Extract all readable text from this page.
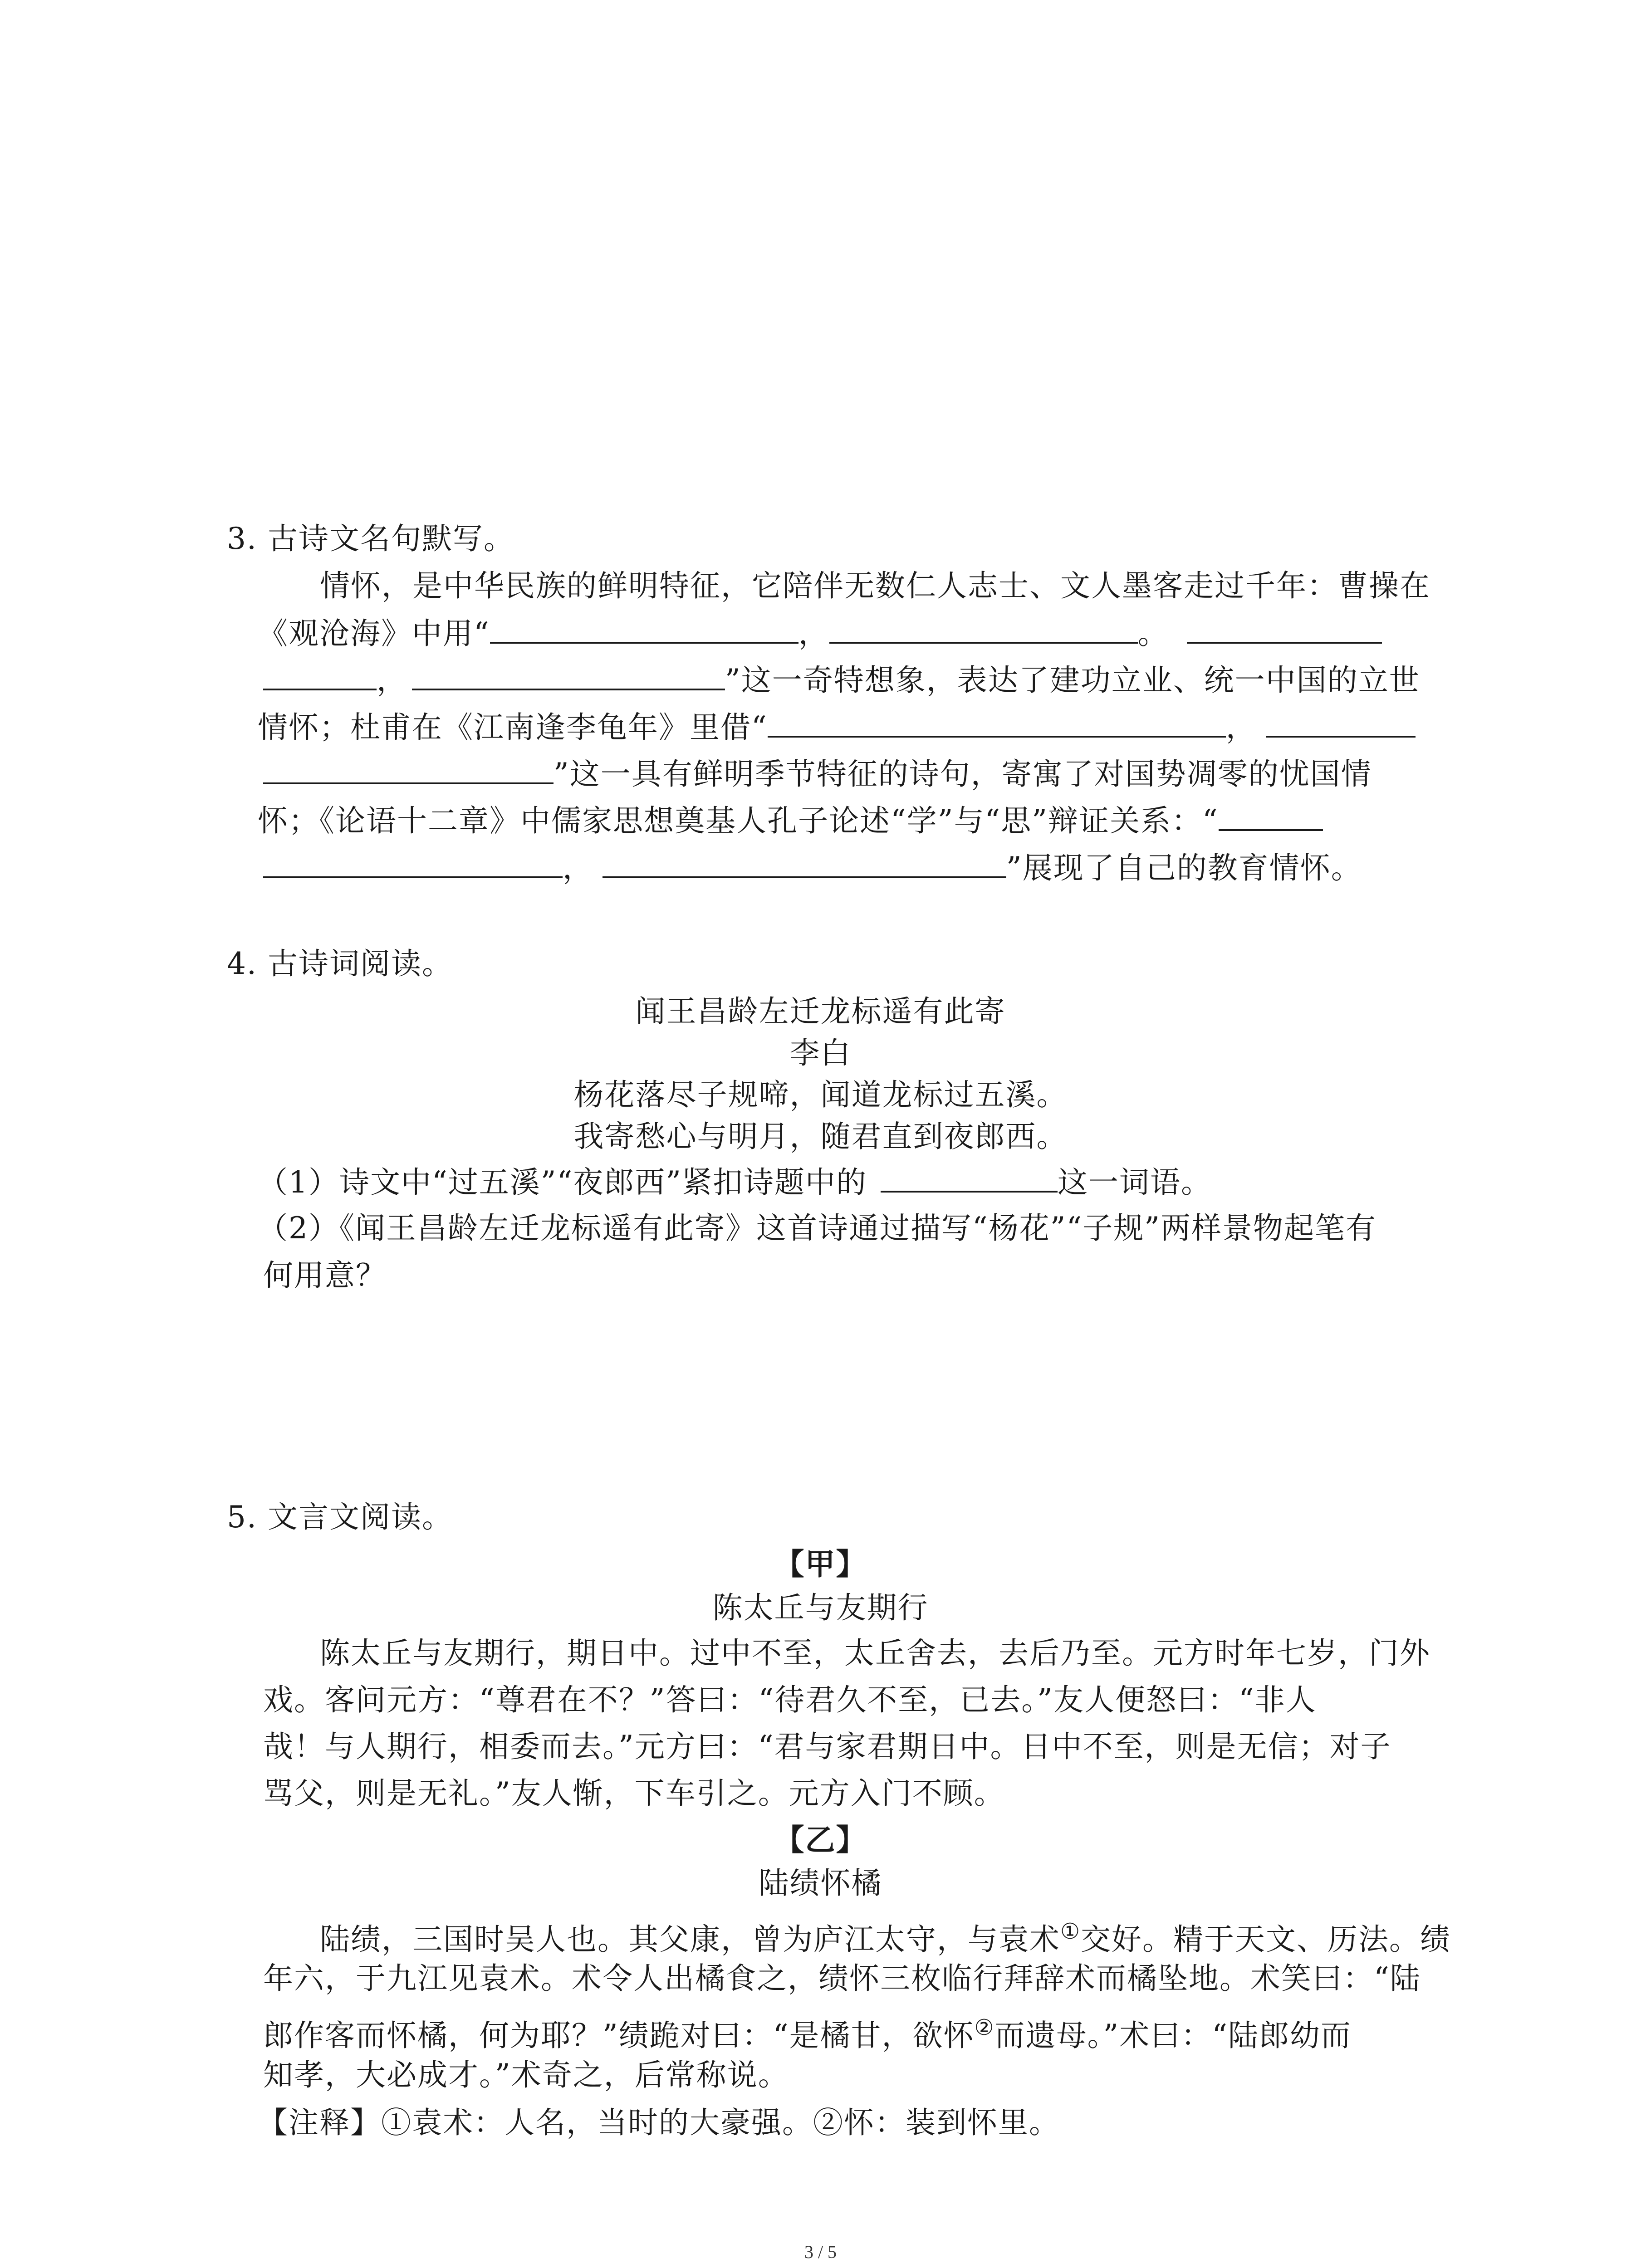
3. 古诗文名句默写。
情怀，是中华民族的鲜明特征，它陪伴无数仁人志士、文人墨客走过千年：曹操在
《观沧海》中用“	，	。
，	”这一奇特想象，表达了建功立业、统一中国的立世
情怀；杜甫在《江南逢李龟年》里借“	，
”这一具有鲜明季节特征的诗句，寄寓了对国势凋零的忧国情
怀；《论语十二章》中儒家思想奠基人孔子论述“学”与“思”辩证关系：“
，	”展现了自己的教育情怀。
4. 古诗词阅读。
闻王昌龄左迁龙标遥有此寄
李白
杨花落尽子规啼，闻道龙标过五溪。
我寄愁心与明月，随君直到夜郎西。
（1）诗文中“过五溪”“夜郎西”紧扣诗题中的	这一词语。
（2）《闻王昌龄左迁龙标遥有此寄》这首诗通过描写“杨花”“子规”两样景物起笔有
何用意？
5. 文言文阅读。
【甲】
陈太丘与友期行
陈太丘与友期行，期日中。过中不至，太丘舍去，去后乃至。元方时年七岁，门外
戏。客问元方：“尊君在不？”答曰：“待君久不至，已去。”友人便怒曰：“非人
哉！与人期行，相委而去。”元方曰：“君与家君期日中。日中不至，则是无信；对子
骂父，则是无礼。”友人惭，下车引之。元方入门不顾。
【乙】
陆绩怀橘
陆绩，三国时吴人也。其父康，曾为庐江太守，与袁术①交好。精于天文、历法。绩
年六，于九江见袁术。术令人出橘食之，绩怀三枚临行拜辞术而橘坠地。术笑曰：“陆
郎作客而怀橘，何为耶？”绩跪对曰：“是橘甘，欲怀②而遗母。”术曰：“陆郎幼而
知孝，大必成才。”术奇之，后常称说。
【注释】①袁术：人名，当时的大豪强。②怀：装到怀里。
3 / 5
